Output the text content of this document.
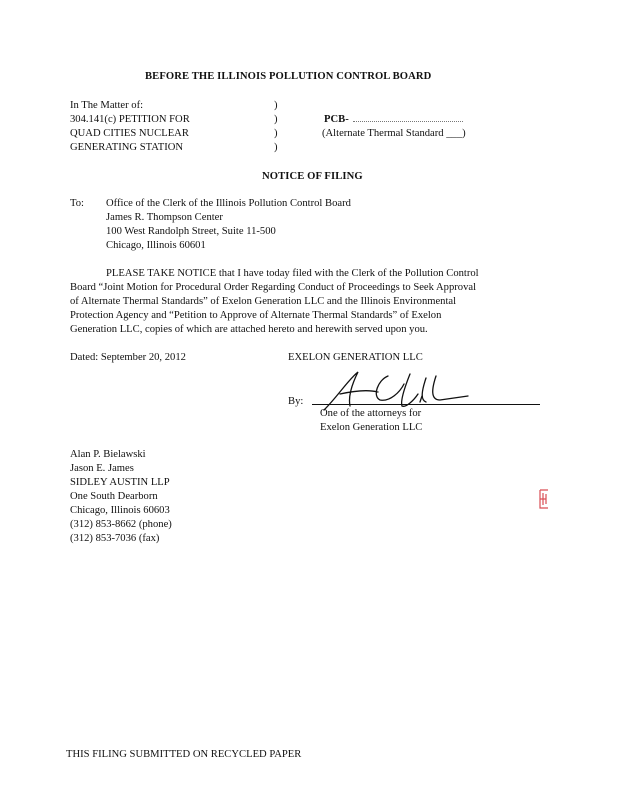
BEFORE THE ILLINOIS POLLUTION CONTROL BOARD
In The Matter of:
304.141(c) PETITION FOR
QUAD CITIES NUCLEAR
GENERATING STATION
)
)
)
)
PCB-
(Alternate Thermal Standard ___)
NOTICE OF FILING
To: Office of the Clerk of the Illinois Pollution Control Board
James R. Thompson Center
100 West Randolph Street, Suite 11-500
Chicago, Illinois 60601
PLEASE TAKE NOTICE that I have today filed with the Clerk of the Pollution Control
Board “Joint Motion for Procedural Order Regarding Conduct of Proceedings to Seek Approval
of Alternate Thermal Standards” of Exelon Generation LLC and the Illinois Environmental
Protection Agency and “Petition to Approve of Alternate Thermal Standards” of Exelon
Generation LLC, copies of which are attached hereto and herewith served upon you.
Dated: September 20, 2012	EXELON GENERATION LLC
By:
One of the attorneys for
Exelon Generation LLC
Alan P. Bielawski
Jason E. James
SIDLEY AUSTIN LLP
One South Dearborn
Chicago, Illinois 60603
(312) 853-8662 (phone)
(312) 853-7036 (fax)
THIS FILING SUBMITTED ON RECYCLED PAPER
